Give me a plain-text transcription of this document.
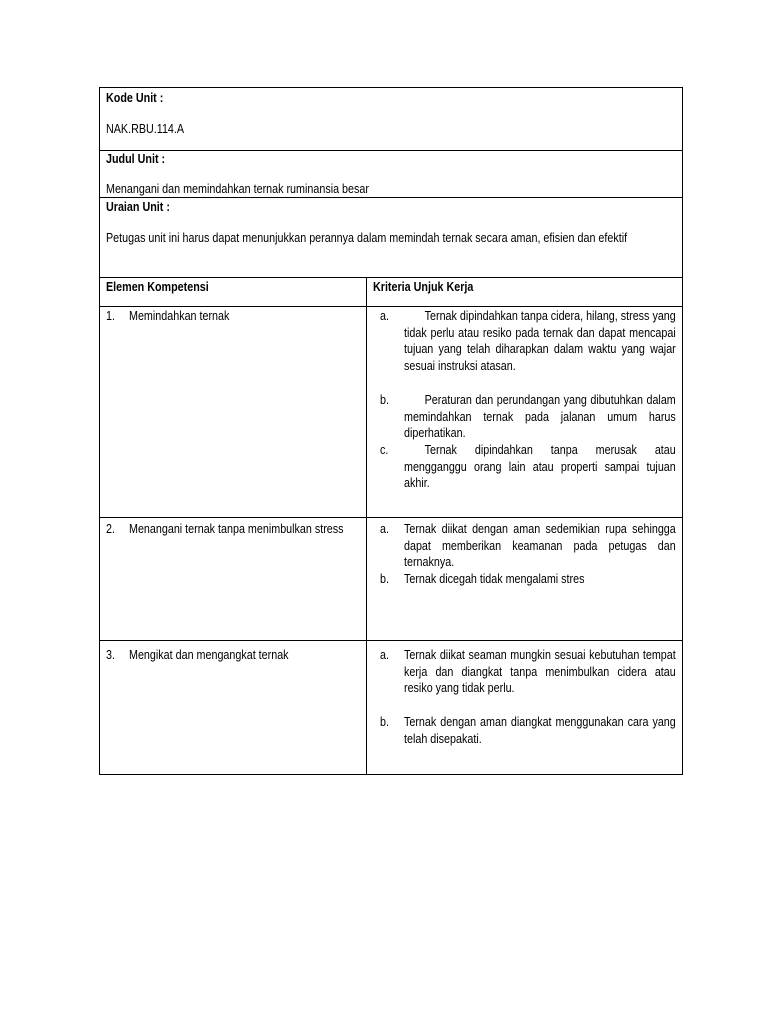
Kode Unit :
NAK.RBU.114.A
Judul Unit :
Menangani dan memindahkan ternak ruminansia besar
Uraian Unit :
Petugas unit ini harus dapat menunjukkan perannya dalam memindah ternak secara aman, efisien dan efektif
Elemen Kompetensi	Kriteria Unjuk Kerja
1. Memindahkan ternak	a.	Ternak dipindahkan tanpa cidera, hilang, stress yang tidak perlu atau resiko pada ternak dan dapat mencapai tujuan yang telah diharapkan dalam waktu yang wajar sesuai instruksi atasan.
b.	Peraturan dan perundangan yang dibutuhkan dalam memindahkan ternak pada jalanan umum harus diperhatikan.
c.	Ternak dipindahkan tanpa merusak atau mengganggu orang lain atau properti sampai tujuan akhir.
2. Menangani ternak tanpa menimbulkan stress	a. Ternak diikat dengan aman sedemikian rupa sehingga dapat memberikan keamanan pada petugas dan ternaknya.
b. Ternak dicegah tidak mengalami stres
3. Mengikat dan mengangkat ternak	a. Ternak diikat seaman mungkin sesuai kebutuhan tempat kerja dan diangkat tanpa menimbulkan cidera atau resiko yang tidak perlu.
b. Ternak dengan aman diangkat menggunakan cara yang telah disepakati.
